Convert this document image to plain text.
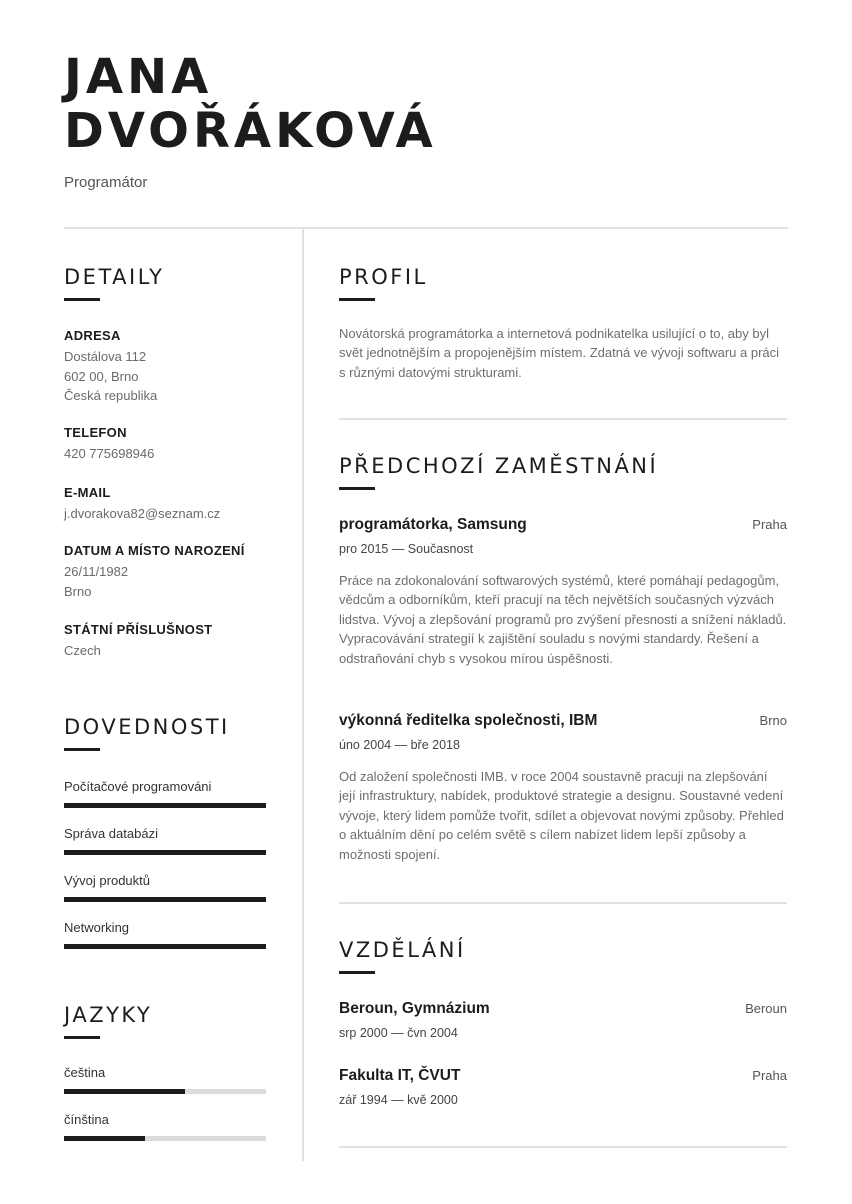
JANA
DVOŘÁKOVÁ
Programátor
DETAILY
ADRESA
Dostálova 112
602 00, Brno
Česká republika
TELEFON
420 775698946
E-MAIL
j.dvorakova82@seznam.cz
DATUM A MÍSTO NAROZENÍ
26/11/1982
Brno
STÁTNÍ PŘÍSLUŠNOST
Czech
DOVEDNOSTI
Počítačové programováni
Správa databázi
Vývoj produktů
Networking
JAZYKY
čeština
čínština
PROFIL
Novátorská programátorka a internetová podnikatelka usilující o to, aby byl svět jednotnějším a propojenějším místem. Zdatná ve vývoji softwaru a práci s různými datovými strukturami.
PŘEDCHOZÍ ZAMĚSTNÁNÍ
programátorka, Samsung	Praha
pro 2015 — Současnost
Práce na zdokonalování softwarových systémů, které pomáhají pedagogům, vědcům a odborníkům, kteří pracují na těch největších současných výzvách lidstva. Vývoj a zlepšování programů pro zvýšení přesnosti a snížení nákladů. Vypracovávání strategií k zajištění souladu s novými standardy. Řešení a odstraňování chyb s vysokou mírou úspěšnosti.
výkonná ředitelka společnosti, IBM	Brno
úno 2004 — bře 2018
Od založení společnosti IMB. v roce 2004 soustavně pracuji na zlepšování její infrastruktury, nabídek, produktové strategie a designu. Soustavné vedení vývoje, který lidem pomůže tvořit, sdílet a objevovat novými způsoby. Přehled o aktuálním dění po celém světě s cílem nabízet lidem lepší způsoby a možnosti spojení.
VZDĚLÁNÍ
Beroun, Gymnázium	Beroun
srp 2000 — čvn 2004
Fakulta IT, ČVUT	Praha
zář 1994 — kvě 2000
